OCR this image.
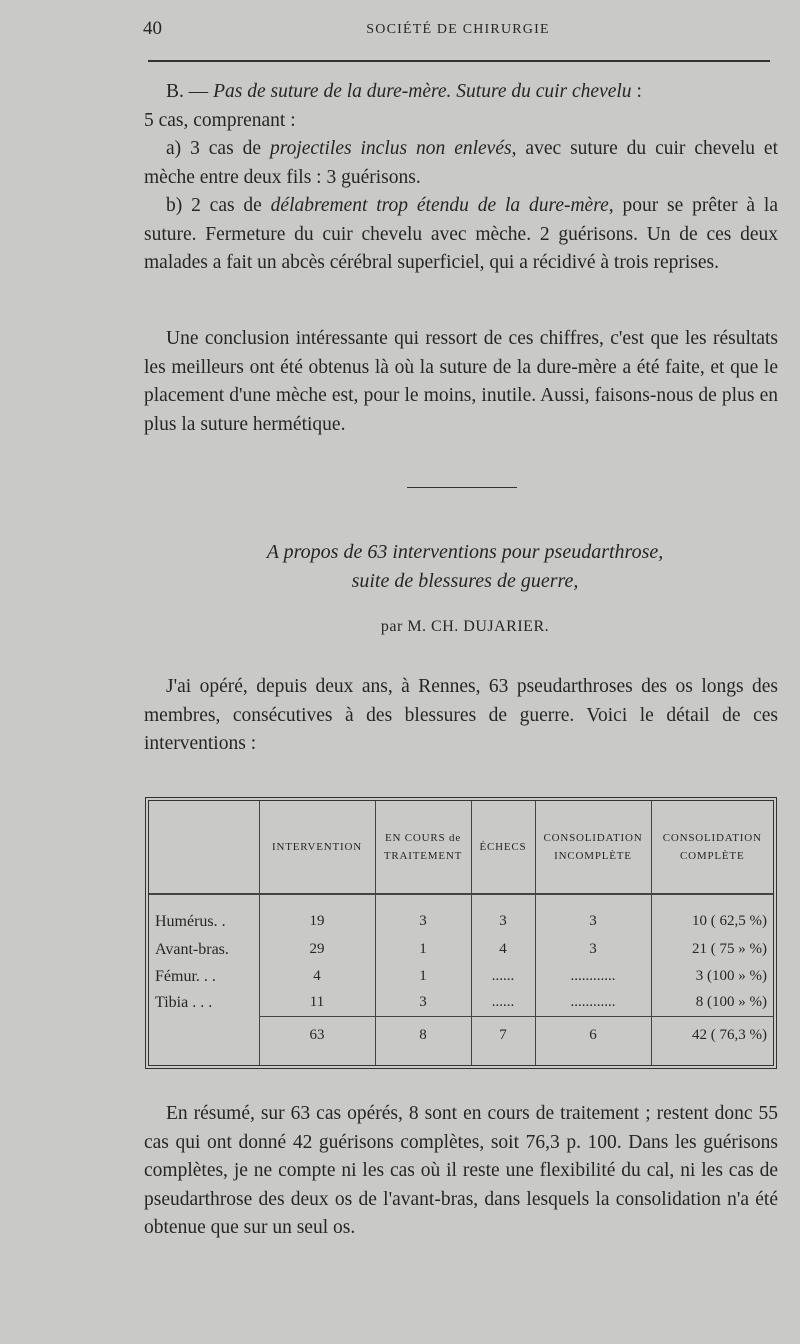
40	SOCIÉTÉ DE CHIRURGIE

B. — Pas de suture de la dure-mère. Suture du cuir chevelu :

5 cas, comprenant :

a) 3 cas de projectiles inclus non enlevés, avec suture du cuir chevelu et mèche entre deux fils : 3 guérisons.

b) 2 cas de délabrement trop étendu de la dure-mère, pour se prêter à la suture. Fermeture du cuir chevelu avec mèche. 2 guérisons. Un de ces deux malades a fait un abcès cérébral superficiel, qui a récidivé à trois reprises.

Une conclusion intéressante qui ressort de ces chiffres, c'est que les résultats les meilleurs ont été obtenus là où la suture de la dure-mère a été faite, et que le placement d'une mèche est, pour le moins, inutile. Aussi, faisons-nous de plus en plus la suture hermétique.

A propos de 63 interventions pour pseudarthrose,
suite de blessures de guerre,
par M. CH. DUJARIER.

J'ai opéré, depuis deux ans, à Rennes, 63 pseudarthroses des os longs des membres, consécutives à des blessures de guerre. Voici le détail de ces interventions :

	INTERVENTION	EN COURS de TRAITEMENT	ÉCHECS	CONSOLIDATION INCOMPLÈTE	CONSOLIDATION COMPLÈTE
Humérus. .	19	3	3	3	10 ( 62,5 %)
Avant-bras.	29	1	4	3	21 ( 75 » %)
Fémur. . .	4	1	......	............	3 (100 » %)
Tibia . . .	11	3	......	............	8 (100 » %)
	63	8	7	6	42 ( 76,3 %)

En résumé, sur 63 cas opérés, 8 sont en cours de traitement ; restent donc 55 cas qui ont donné 42 guérisons complètes, soit 76,3 p. 100. Dans les guérisons complètes, je ne compte ni les cas où il reste une flexibilité du cal, ni les cas de pseudarthrose des deux os de l'avant-bras, dans lesquels la consolidation n'a été obtenue que sur un seul os.
